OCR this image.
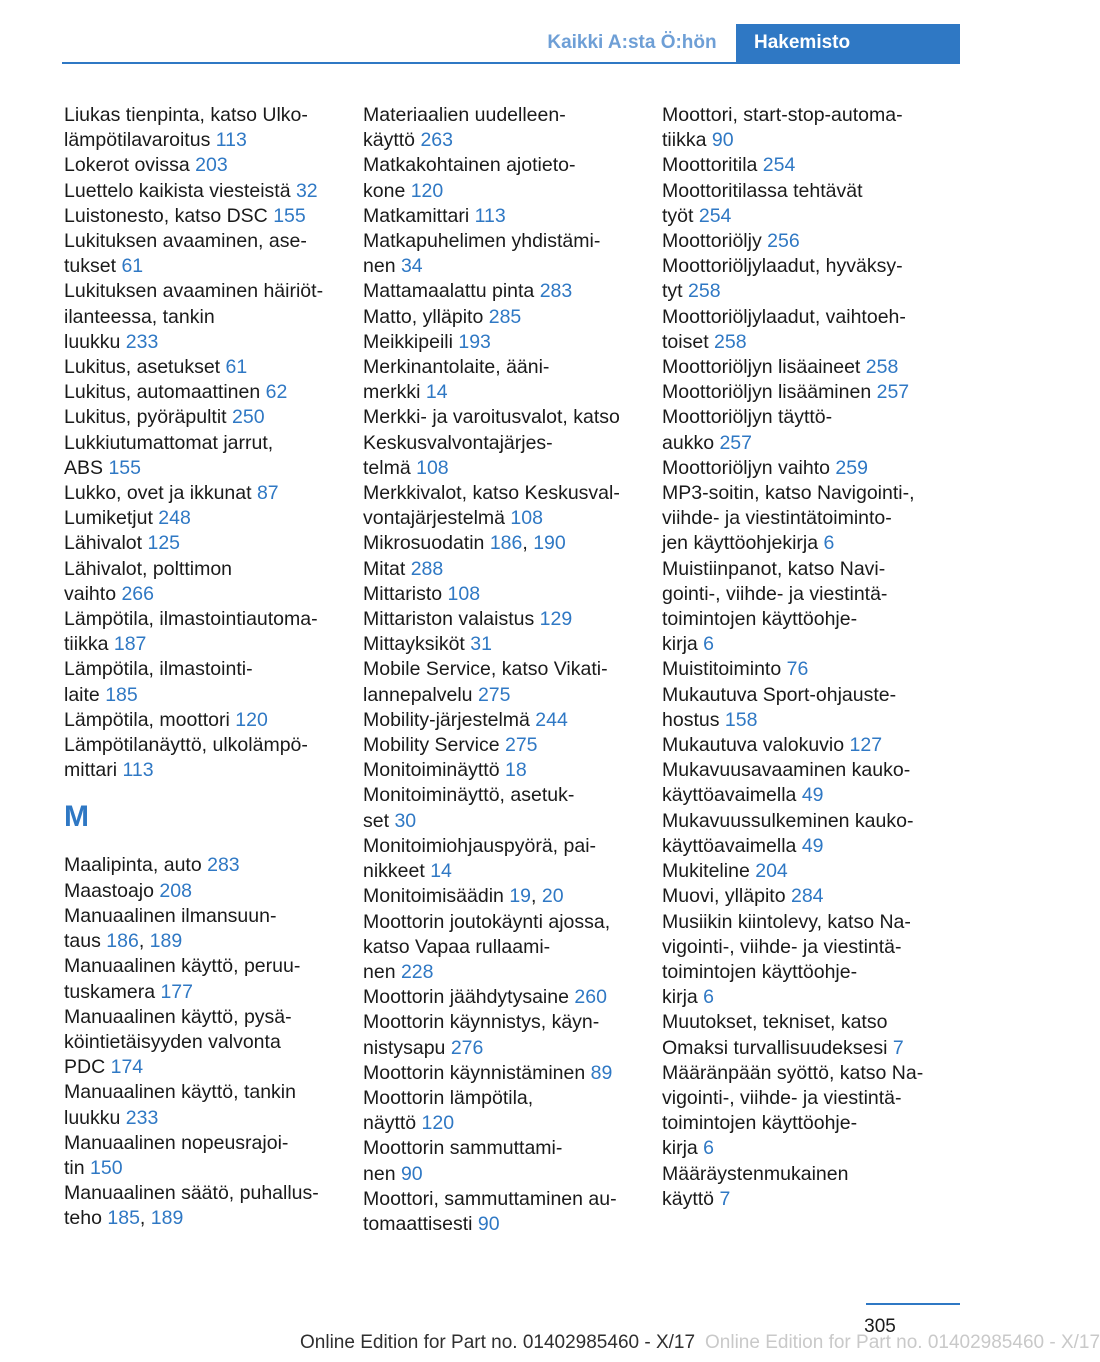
Kaikki A:sta Ö:hön	Hakemisto
Liukas tienpinta, katso Ulko-
lämpötilavaroitus 113
Lokerot ovissa 203
Luettelo kaikista viesteistä 32
Luistonesto, katso DSC 155
Lukituksen avaaminen, ase-
tukset 61
Lukituksen avaaminen häiriöt-
ilanteessa, tankin
luukku 233
Lukitus, asetukset 61
Lukitus, automaattinen 62
Lukitus, pyöräpultit 250
Lukkiutumattomat jarrut,
ABS 155
Lukko, ovet ja ikkunat 87
Lumiketjut 248
Lähivalot 125
Lähivalot, polttimon
vaihto 266
Lämpötila, ilmastointiautoma-
tiikka 187
Lämpötila, ilmastointi-
laite 185
Lämpötila, moottori 120
Lämpötilanäyttö, ulkolämpö-
mittari 113
M
Maalipinta, auto 283
Maastoajo 208
Manuaalinen ilmansuun-
taus 186, 189
Manuaalinen käyttö, peruu-
tuskamera 177
Manuaalinen käyttö, pysä-
köintietäisyyden valvonta
PDC 174
Manuaalinen käyttö, tankin
luukku 233
Manuaalinen nopeusrajoi-
tin 150
Manuaalinen säätö, puhallus-
teho 185, 189
Materiaalien uudelleen-
käyttö 263
Matkakohtainen ajotieto-
kone 120
Matkamittari 113
Matkapuhelimen yhdistämi-
nen 34
Mattamaalattu pinta 283
Matto, ylläpito 285
Meikkipeili 193
Merkinantolaite, ääni-
merkki 14
Merkki- ja varoitusvalot, katso
Keskusvalvontajärjes-
telmä 108
Merkkivalot, katso Keskusval-
vontajärjestelmä 108
Mikrosuodatin 186, 190
Mitat 288
Mittaristo 108
Mittariston valaistus 129
Mittayksiköt 31
Mobile Service, katso Vikati-
lannepalvelu 275
Mobility-järjestelmä 244
Mobility Service 275
Monitoiminäyttö 18
Monitoiminäyttö, asetuk-
set 30
Monitoimiohjauspyörä, pai-
nikkeet 14
Monitoimisäädin 19, 20
Moottorin joutokäynti ajossa,
katso Vapaa rullaami-
nen 228
Moottorin jäähdytysaine 260
Moottorin käynnistys, käyn-
nistysapu 276
Moottorin käynnistäminen 89
Moottorin lämpötila,
näyttö 120
Moottorin sammuttami-
nen 90
Moottori, sammuttaminen au-
tomaattisesti 90
Moottori, start-stop-automa-
tiikka 90
Moottoritila 254
Moottoritilassa tehtävät
työt 254
Moottoriöljy 256
Moottoriöljylaadut, hyväksy-
tyt 258
Moottoriöljylaadut, vaihtoeh-
toiset 258
Moottoriöljyn lisäaineet 258
Moottoriöljyn lisääminen 257
Moottoriöljyn täyttö-
aukko 257
Moottoriöljyn vaihto 259
MP3-soitin, katso Navigointi-,
viihde- ja viestintätoiminto-
jen käyttöohjekirja 6
Muistiinpanot, katso Navi-
gointi-, viihde- ja viestintä-
toimintojen käyttöohje-
kirja 6
Muistitoiminto 76
Mukautuva Sport-ohjauste-
hostus 158
Mukautuva valokuvio 127
Mukavuusavaaminen kauko-
käyttöavaimella 49
Mukavuussulkeminen kauko-
käyttöavaimella 49
Mukiteline 204
Muovi, ylläpito 284
Musiikin kiintolevy, katso Na-
vigointi-, viihde- ja viestintä-
toimintojen käyttöohje-
kirja 6
Muutokset, tekniset, katso
Omaksi turvallisuudeksesi 7
Määränpään syöttö, katso Na-
vigointi-, viihde- ja viestintä-
toimintojen käyttöohje-
kirja 6
Määräystenmukainen
käyttö 7
305
Online Edition for Part no. 01402985460 - X/17 Online Edition for Part no. 01402985460 - X/17
